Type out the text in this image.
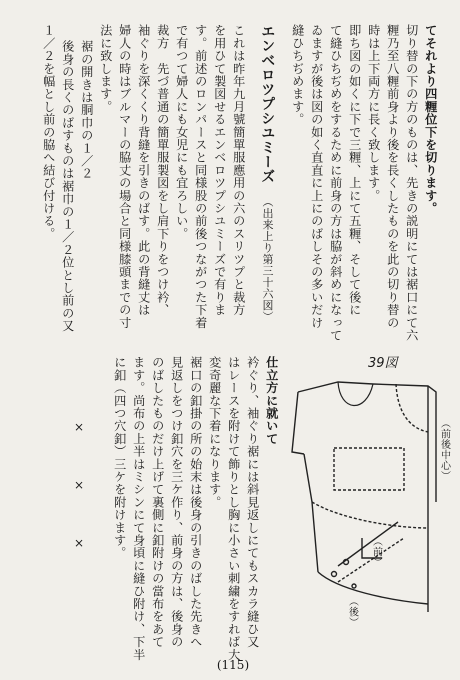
てそれより四糎位下を切ります。

切り替の下の方のものは、先きの説明にては裾口にて六

糎乃至八糎前身より後を長くしたものを此の切り替の

時は上下両方に長く致します。

即ち図の如くに下で三糎、上にて五糎、そして後に

て縫ひちぢめをするために前身の方は脇が斜めになって

ゐますが後は図の如く直直に上にのばしその多いだけ

縫ひちぢめます。

エンベロツプシユミーズ

（出来上り第三十六図）

これは昨年九月號簡單服應用の六のスリツプと裁方

を用ひて製図せるエンベロツプシユミーズで有りま

す。前述のロンパースと同様股の前後つながつた下着

で有つて婦人にも女児にも宜ろしい。

裁方　先づ普通の簡單服製図をし肩下りをつけ衿、

袖ぐりを深くくり背縫を引きのばす。此の背縫丈は

婦人の時はブルマーの脇丈の場合と同様膝頭までの寸

法に致します。

裾の開きは胴巾の１／２

後身の長くのばすものは裾巾の１／２位とし前の又

１／２を幅とし前の脇へ結び付ける。

仕立方に就いて

衿ぐり、袖ぐり裾には斜見返しにてもスカラ縫ひ又

はレースを附けて飾りとし胸に小さい刺繍をすれば大

変奇麗な下着になります。

裾口の釦掛の所の始末は後身の引きのばした先きへ

見返しをつけ釦穴を三ケ作り、前身の方は、後身の

のばしたものだけ上げて裏側に釦附けの當布をあて

ます。尚布の上半はミシンにて身頃に縫ひ附け、下半

に釦（四つ穴釦）三ケを附けます。

×
×
×
39図
（前後中心）
（前）
（後）
(115)
